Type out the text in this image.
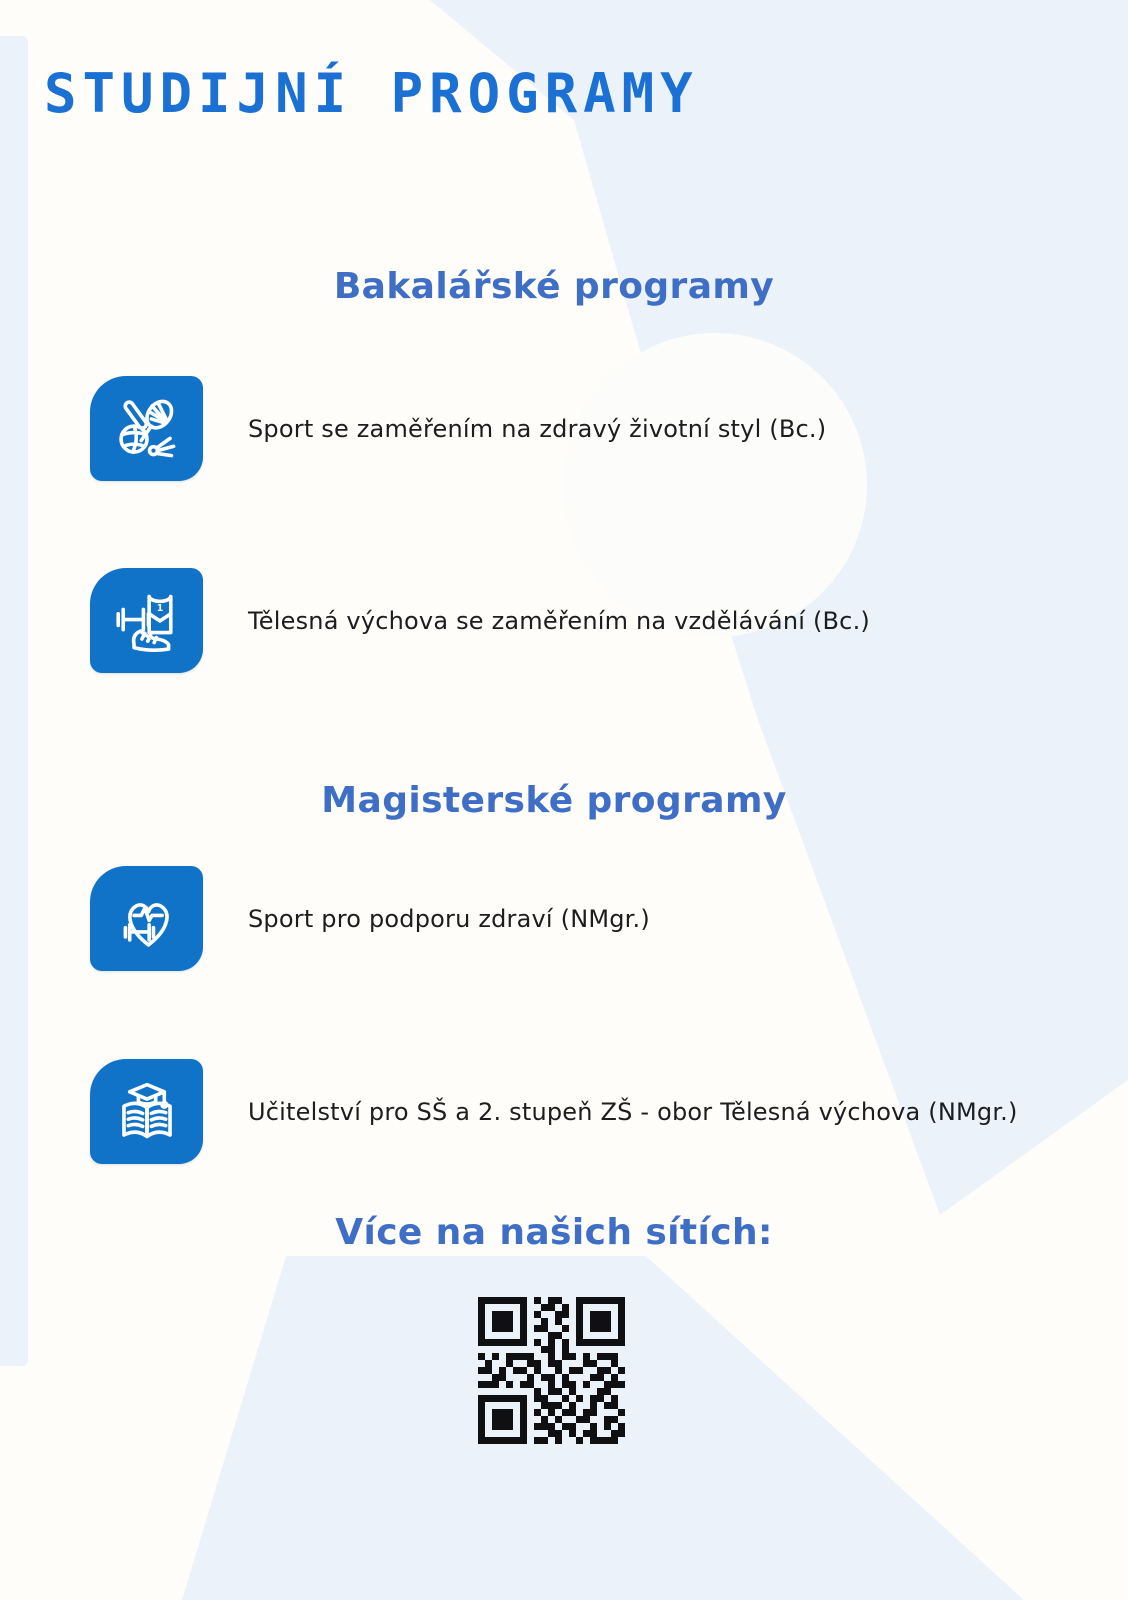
STUDIJNÍ PROGRAMY
Bakalářské programy
Sport se zaměřením na zdravý životní styl (Bc.)
1	Tělesná výchova se zaměřením na vzdělávání (Bc.)
Magisterské programy
Sport pro podporu zdraví (NMgr.)
Učitelství pro SŠ a 2. stupeň ZŠ - obor Tělesná výchova (NMgr.)
Více na našich sítích:
